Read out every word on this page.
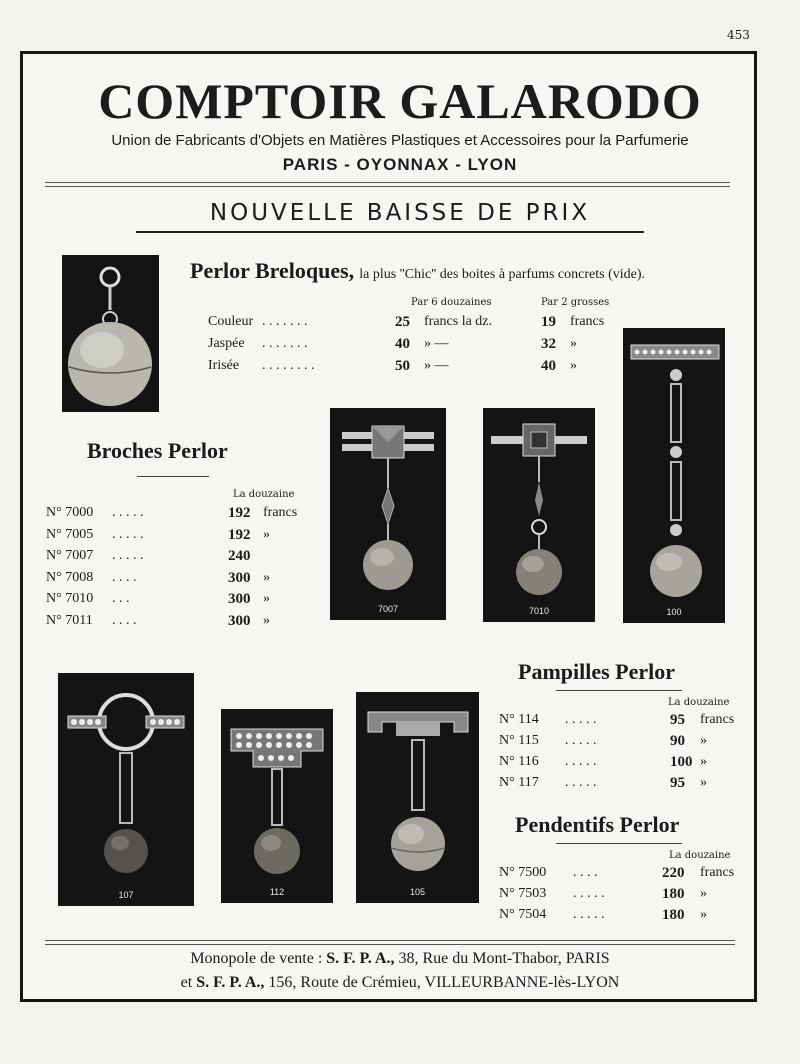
453
COMPTOIR GALARODO
Union de Fabricants d'Objets en Matières Plastiques et Accessoires pour la Parfumerie
PARIS - OYONNAX - LYON
NOUVELLE BAISSE DE PRIX
Perlor Breloques, la plus ''Chic'' des boites à parfums concrets (vide).
Par 6 douzaines	Par 2 grosses
Couleur . . . . . . .	25 francs la dz.	19 francs
Jaspée . . . . . . .	40 » —	32 »
Irisée . . . . . . . .	50 » —	40 »
Broches Perlor
La douzaine
N° 7000 . . . . .	192 francs
N° 7005 . . . . .	192 »
N° 7007 . . . . .	240
N° 7008 . . . .	300 »
N° 7010 . . .	300 »
N° 7011 . . . .	300 »
7007	7010	100
107	112	105
Pampilles Perlor
La douzaine
N° 114 . . . . .	95 francs
N° 115 . . . . .	90 »
N° 116 . . . . .	100 »
N° 117 . . . . .	95 »
Pendentifs Perlor
La douzaine
N° 7500 . . . .	220 francs
N° 7503 . . . . .	180 »
N° 7504 . . . . .	180 »
Monopole de vente : S. F. P. A., 38, Rue du Mont-Thabor, PARIS
et S. F. P. A., 156, Route de Crémieu, VILLEURBANNE-lès-LYON
